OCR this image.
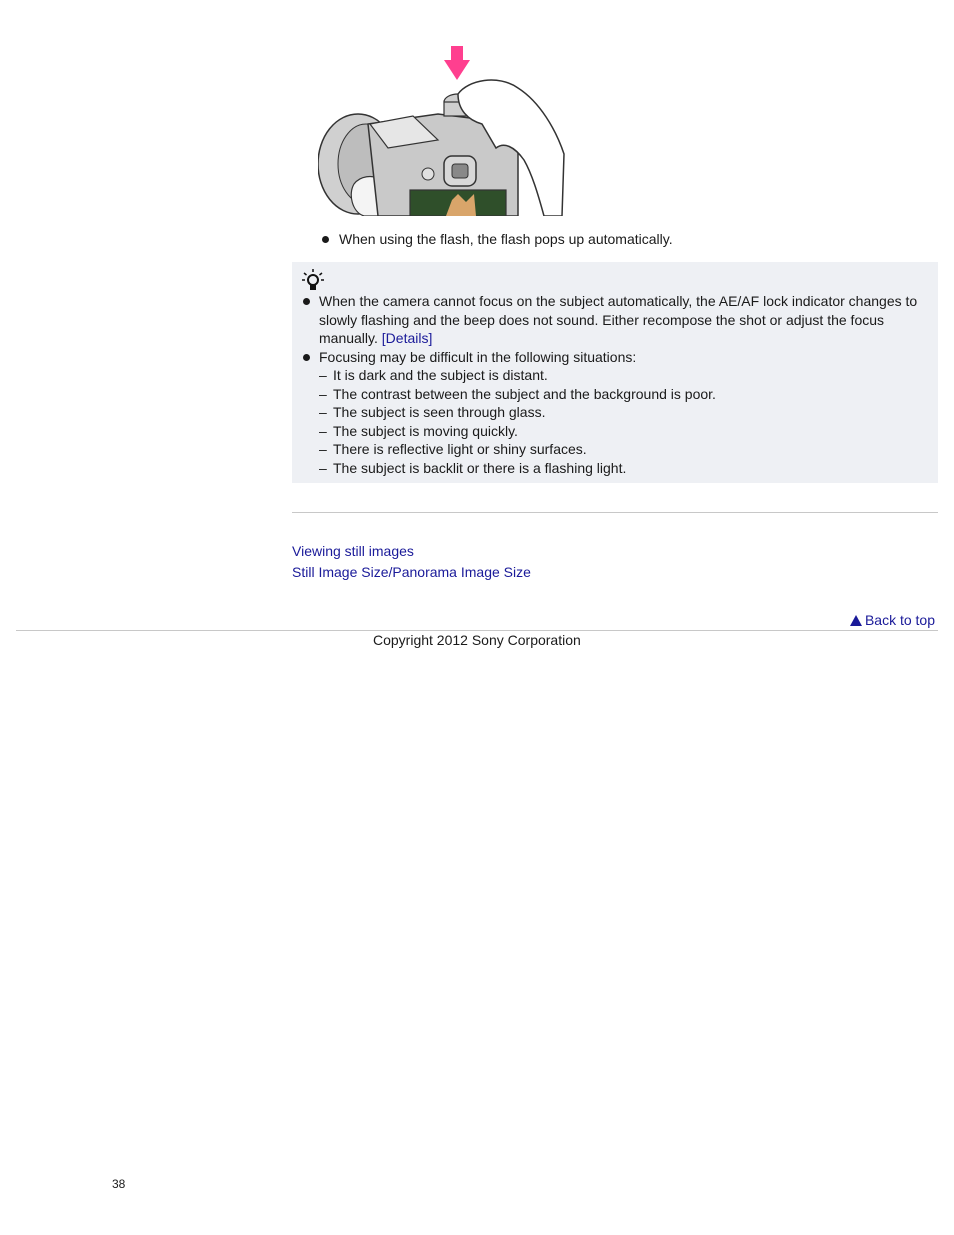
When using the flash, the flash pops up automatically.
When the camera cannot focus on the subject automatically, the AE/AF lock indicator changes to slowly flashing and the beep does not sound. Either recompose the shot or adjust the focus manually. [Details]
Focusing may be difficult in the following situations:
– It is dark and the subject is distant.
– The contrast between the subject and the background is poor.
– The subject is seen through glass.
– The subject is moving quickly.
– There is reflective light or shiny surfaces.
– The subject is backlit or there is a flashing light.
Viewing still images
Still Image Size/Panorama Image Size
Back to top
Copyright 2012 Sony Corporation
38
